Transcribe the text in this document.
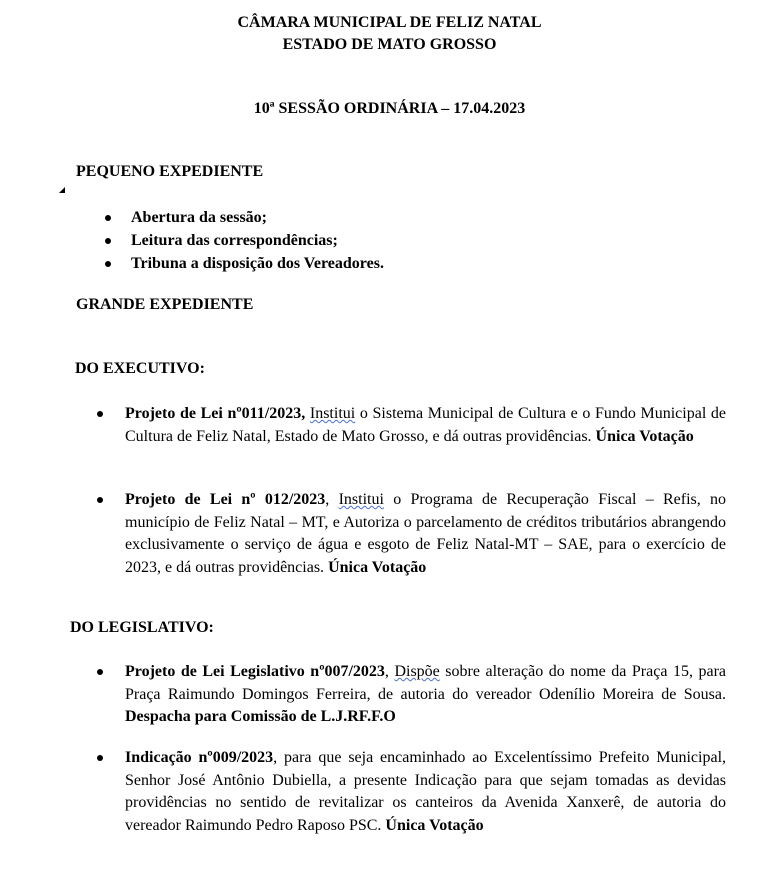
CÂMARA MUNICIPAL DE FELIZ NATAL
ESTADO DE MATO GROSSO
10ª SESSÃO ORDINÁRIA – 17.04.2023
PEQUENO EXPEDIENTE
Abertura da sessão;
Leitura das correspondências;
Tribuna a disposição dos Vereadores.
GRANDE EXPEDIENTE
DO EXECUTIVO:
Projeto de Lei nº011/2023, Institui o Sistema Municipal de Cultura e o Fundo Municipal de Cultura de Feliz Natal, Estado de Mato Grosso, e dá outras providências. Única Votação
Projeto de Lei nº 012/2023, Institui o Programa de Recuperação Fiscal – Refis, no município de Feliz Natal – MT, e Autoriza o parcelamento de créditos tributários abrangendo exclusivamente o serviço de água e esgoto de Feliz Natal-MT – SAE, para o exercício de 2023, e dá outras providências. Única Votação
DO LEGISLATIVO:
Projeto de Lei Legislativo nº007/2023, Dispõe sobre alteração do nome da Praça 15, para Praça Raimundo Domingos Ferreira, de autoria do vereador Odenílio Moreira de Sousa. Despacha para Comissão de L.J.RF.F.O
Indicação nº009/2023, para que seja encaminhado ao Excelentíssimo Prefeito Municipal, Senhor José Antônio Dubiella, a presente Indicação para que sejam tomadas as devidas providências no sentido de revitalizar os canteiros da Avenida Xanxerê, de autoria do vereador Raimundo Pedro Raposo PSC. Única Votação
